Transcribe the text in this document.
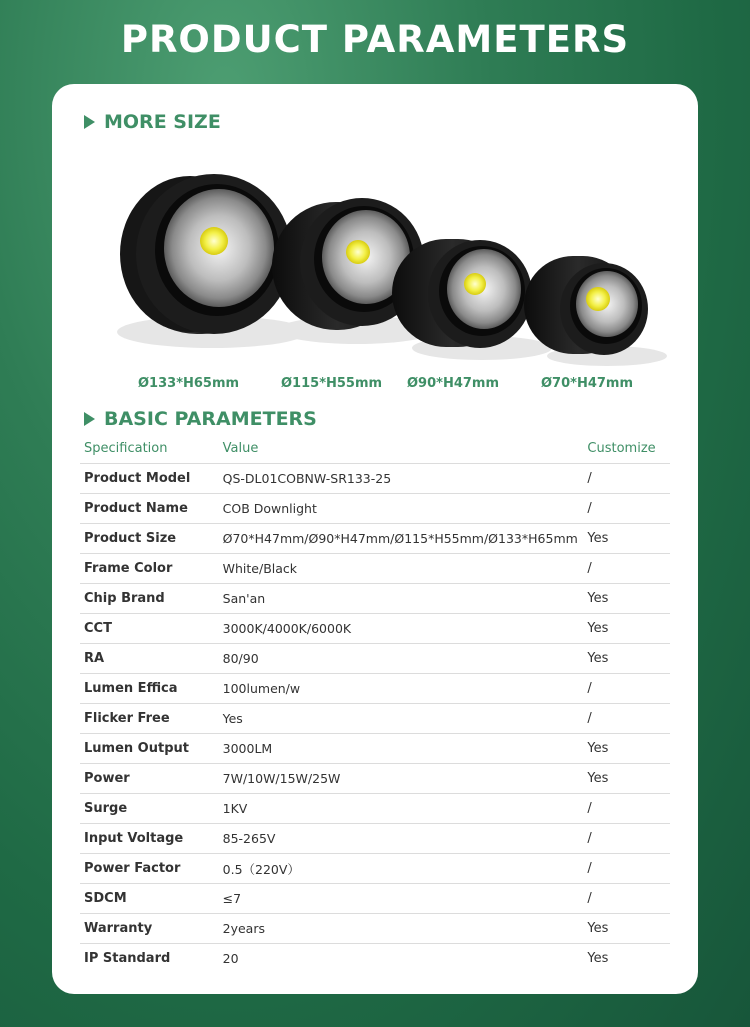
PRODUCT PARAMETERS
MORE SIZE
Ø133*H65mm	Ø115*H55mm Ø90*H47mm	Ø70*H47mm
BASIC PARAMETERS
Specification	Value	Customize
Product Model	QS-DL01COBNW-SR133-25	/
Product Name	COB Downlight	/
Product Size	Ø70*H47mm/Ø90*H47mm/Ø115*H55mm/Ø133*H65mm	Yes
Frame Color	White/Black	/
Chip Brand	San'an	Yes
CCT	3000K/4000K/6000K	Yes
RA	80/90	Yes
Lumen Effica	100lumen/w	/
Flicker Free	Yes	/
Lumen Output	3000LM	Yes
Power	7W/10W/15W/25W	Yes
Surge	1KV	/
Input Voltage	85-265V	/
Power Factor	0.5（220V）	/
SDCM	≤7	/
Warranty	2years	Yes
IP Standard	20	Yes
